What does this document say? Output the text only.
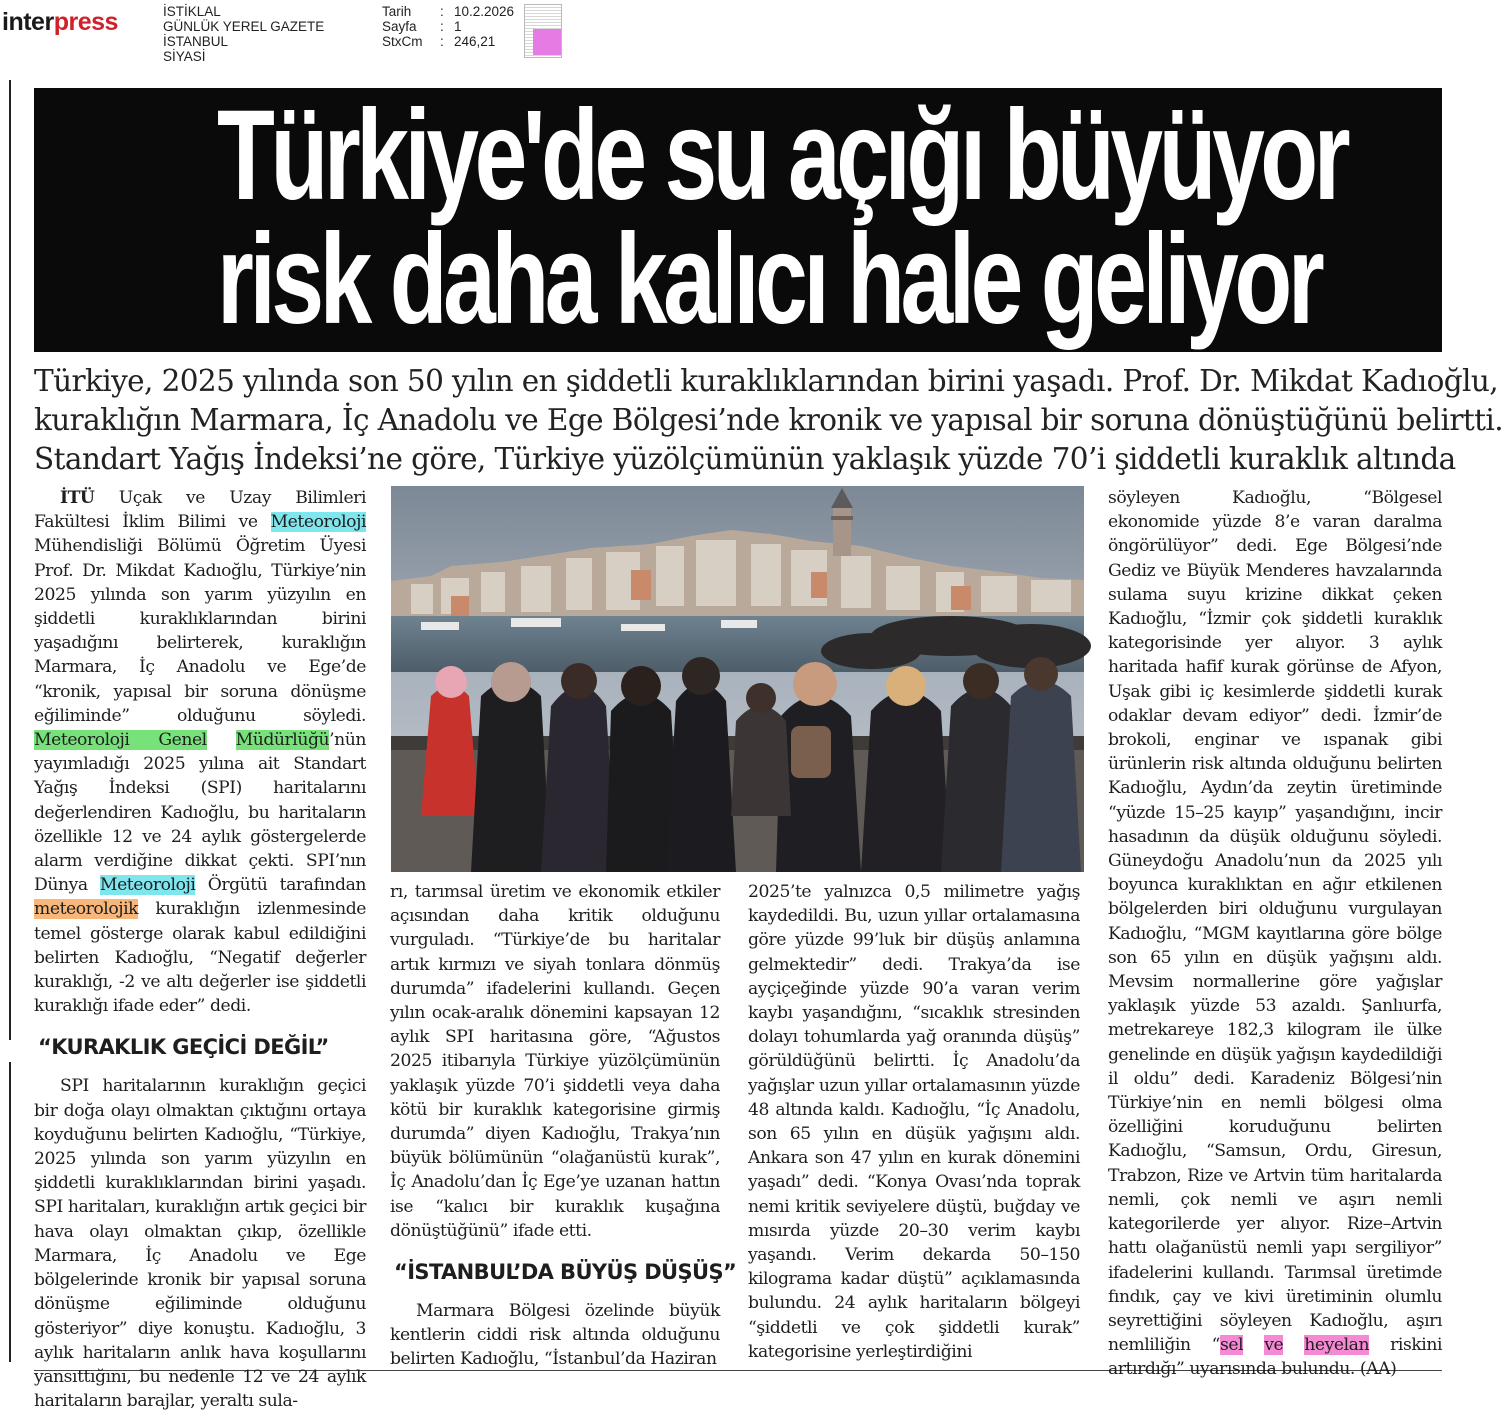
interpress	İSTİKLAL
GÜNLÜK YEREL GAZETE
İSTANBUL
SİYASİ
Tarih	: 10.2.2026
Sayfa	: 1
StxCm	: 246,21
Türkiye'de su açığı büyüyor
risk daha kalıcı hale geliyor
Türkiye, 2025 yılında son 50 yılın en şiddetli kuraklıklarından birini yaşadı. Prof. Dr. Mikdat Kadıoğlu,
kuraklığın Marmara, İç Anadolu ve Ege Bölgesi’nde kronik ve yapısal bir soruna dönüştüğünü belirtti.
Standart Yağış İndeksi’ne göre, Türkiye yüzölçümünün yaklaşık yüzde 70’i şiddetli kuraklık altında

İTÜ Uçak ve Uzay Bilimleri Fakültesi İklim Bilimi ve Meteoroloji Mühendisliği Bölümü Öğretim Üyesi Prof. Dr. Mikdat Kadıoğlu, Türkiye’nin 2025 yılında son yarım yüzyılın en şiddetli kuraklıklarından birini yaşadığını belirterek, kuraklığın Marmara, İç Anadolu ve Ege’de “kronik, yapısal bir soruna dönüşme eğiliminde” olduğunu söyledi. Meteoroloji Genel Müdürlüğü’nün yayımladığı 2025 yılına ait Standart Yağış İndeksi (SPI) haritalarını değerlendiren Kadıoğlu, bu haritaların özellikle 12 ve 24 aylık göstergelerde alarm verdiğine dikkat çekti. SPI’nın Dünya Meteoroloji Örgütü tarafından meteorolojik kuraklığın izlenmesinde temel gösterge olarak kabul edildiğini belirten Kadıoğlu, “Negatif değerler kuraklığı, -2 ve altı değerler ise şiddetli kuraklığı ifade eder” dedi.

“KURAKLIK GEÇİCİ DEĞİL”

SPI haritalarının kuraklığın geçici bir doğa olayı olmaktan çıktığını ortaya koyduğunu belirten Kadıoğlu, “Türkiye, 2025 yılında son yarım yüzyılın en şiddetli kuraklıklarından birini yaşadı. SPI haritaları, kuraklığın artık geçici bir hava olayı olmaktan çıkıp, özellikle Marmara, İç Anadolu ve Ege bölgelerinde kronik bir yapısal soruna dönüşme eğiliminde olduğunu gösteriyor” diye konuştu. Kadıoğlu, 3 aylık haritaların anlık hava koşullarını yansıttığını, bu nedenle 12 ve 24 aylık haritaların barajlar, yeraltı sula-

rı, tarımsal üretim ve ekonomik etkiler açısından daha kritik olduğunu vurguladı. “Türkiye’de bu haritalar artık kırmızı ve siyah tonlara dönmüş durumda” ifadelerini kullandı. Geçen yılın ocak-aralık dönemini kapsayan 12 aylık SPI haritasına göre, “Ağustos 2025 itibarıyla Türkiye yüzölçümünün yaklaşık yüzde 70’i şiddetli veya daha kötü bir kuraklık kategorisine girmiş durumda” diyen Kadıoğlu, Trakya’nın büyük bölümünün “olağanüstü kurak”, İç Anadolu’dan İç Ege’ye uzanan hattın ise “kalıcı bir kuraklık kuşağına dönüştüğünü” ifade etti.

“İSTANBUL’DA BÜYÜŞ DÜŞÜŞ”

Marmara Bölgesi özelinde büyük kentlerin ciddi risk altında olduğunu belirten Kadıoğlu, “İstanbul’da Haziran

2025’te yalnızca 0,5 milimetre yağış kaydedildi. Bu, uzun yıllar ortalamasına göre yüzde 99’luk bir düşüş anlamına gelmektedir” dedi. Trakya’da ise ayçiçeğinde yüzde 90’a varan verim kaybı yaşandığını, “sıcaklık stresinden dolayı tohumlarda yağ oranında düşüş” görüldüğünü belirtti. İç Anadolu’da yağışlar uzun yıllar ortalamasının yüzde 48 altında kaldı. Kadıoğlu, “İç Anadolu, son 65 yılın en düşük yağışını aldı. Ankara son 47 yılın en kurak dönemini yaşadı” dedi. “Konya Ovası’nda toprak nemi kritik seviyelere düştü, buğday ve mısırda yüzde 20–30 verim kaybı yaşandı. Verim dekarda 50–150 kilograma kadar düştü” açıklamasında bulundu. 24 aylık haritaların bölgeyi “şiddetli ve çok şiddetli kurak” kategorisine yerleştirdiğini

söyleyen Kadıoğlu, “Bölgesel ekonomide yüzde 8’e varan daralma öngörülüyor” dedi. Ege Bölgesi’nde Gediz ve Büyük Menderes havzalarında sulama suyu krizine dikkat çeken Kadıoğlu, “İzmir çok şiddetli kuraklık kategorisinde yer alıyor. 3 aylık haritada hafif kurak görünse de Afyon, Uşak gibi iç kesimlerde şiddetli kurak odaklar devam ediyor” dedi. İzmir’de brokoli, enginar ve ıspanak gibi ürünlerin risk altında olduğunu belirten Kadıoğlu, Aydın’da zeytin üretiminde “yüzde 15–25 kayıp” yaşandığını, incir hasadının da düşük olduğunu söyledi. Güneydoğu Anadolu’nun da 2025 yılı boyunca kuraklıktan en ağır etkilenen bölgelerden biri olduğunu vurgulayan Kadıoğlu, “MGM kayıtlarına göre bölge son 65 yılın en düşük yağışını aldı. Mevsim normallerine göre yağışlar yaklaşık yüzde 53 azaldı. Şanlıurfa, metrekareye 182,3 kilogram ile ülke genelinde en düşük yağışın kaydedildiği il oldu” dedi. Karadeniz Bölgesi’nin Türkiye’nin en nemli bölgesi olma özelliğini koruduğunu belirten Kadıoğlu, “Samsun, Ordu, Giresun, Trabzon, Rize ve Artvin tüm haritalarda nemli, çok nemli ve aşırı nemli kategorilerde yer alıyor. Rize–Artvin hattı olağanüstü nemli yapı sergiliyor” ifadelerini kullandı. Tarımsal üretimde fındık, çay ve kivi üretiminin olumlu seyrettiğini söyleyen Kadıoğlu, aşırı nemliliğin “sel ve heyelan riskini artırdığı” uyarısında bulundu. (AA)
